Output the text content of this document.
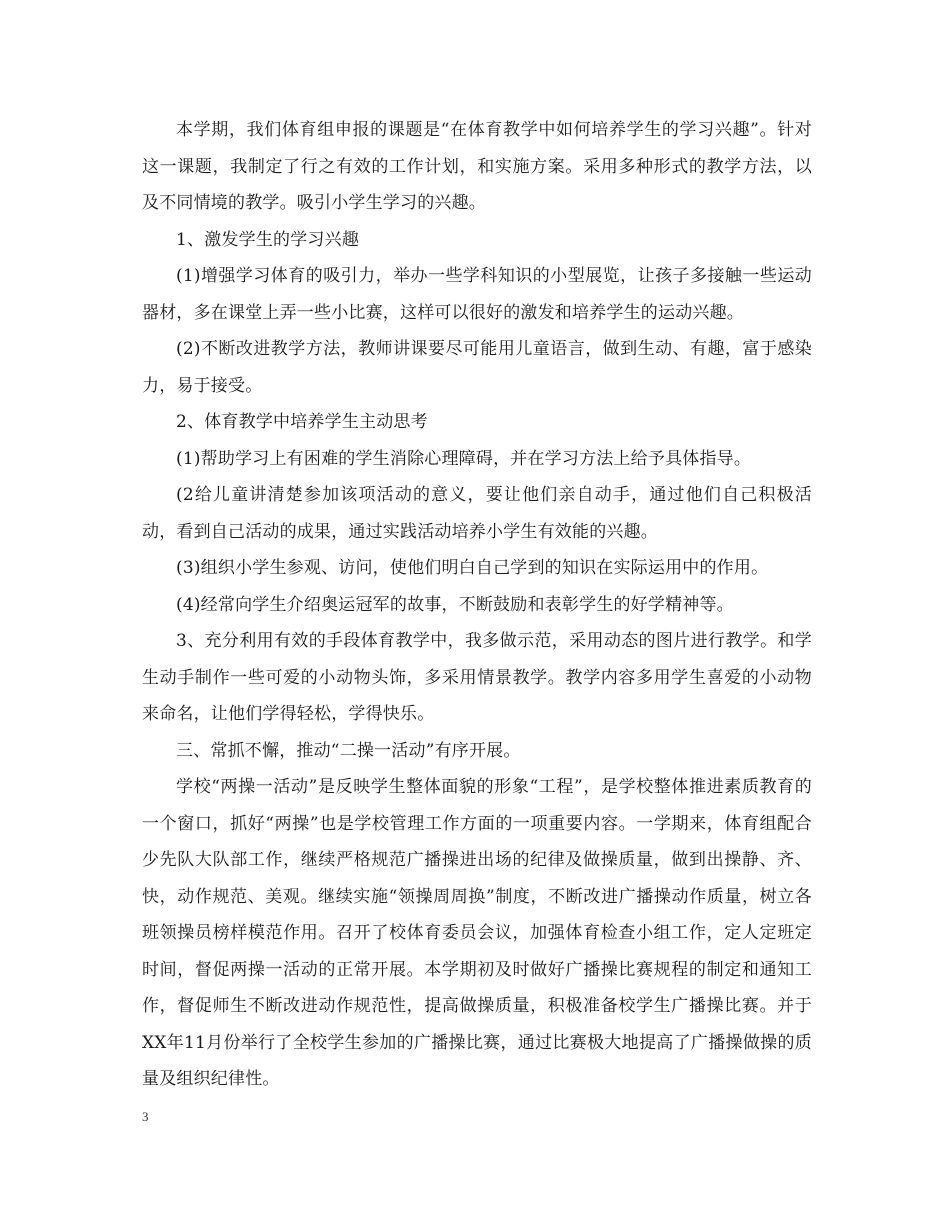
本学期，我们体育组申报的课题是“在体育教学中如何培养学生的学习兴趣”。针对这一课题，我制定了行之有效的工作计划，和实施方案。采用多种形式的教学方法，以及不同情境的教学。吸引小学生学习的兴趣。

1、激发学生的学习兴趣

(1)增强学习体育的吸引力，举办一些学科知识的小型展览，让孩子多接触一些运动器材，多在课堂上弄一些小比赛，这样可以很好的激发和培养学生的运动兴趣。

(2)不断改进教学方法，教师讲课要尽可能用儿童语言，做到生动、有趣，富于感染力，易于接受。

2、体育教学中培养学生主动思考

(1)帮助学习上有困难的学生消除心理障碍，并在学习方法上给予具体指导。

(2给儿童讲清楚参加该项活动的意义，要让他们亲自动手，通过他们自己积极活动，看到自己活动的成果，通过实践活动培养小学生有效能的兴趣。

(3)组织小学生参观、访问，使他们明白自己学到的知识在实际运用中的作用。

(4)经常向学生介绍奥运冠军的故事，不断鼓励和表彰学生的好学精神等。

3、充分利用有效的手段体育教学中，我多做示范，采用动态的图片进行教学。和学生动手制作一些可爱的小动物头饰，多采用情景教学。教学内容多用学生喜爱的小动物来命名，让他们学得轻松，学得快乐。

三、常抓不懈，推动“二操一活动”有序开展。

学校“两操一活动”是反映学生整体面貌的形象“工程”，是学校整体推进素质教育的一个窗口，抓好“两操”也是学校管理工作方面的一项重要内容。一学期来，体育组配合少先队大队部工作，继续严格规范广播操进出场的纪律及做操质量，做到出操静、齐、快，动作规范、美观。继续实施“领操周周换”制度，不断改进广播操动作质量，树立各班领操员榜样模范作用。召开了校体育委员会议，加强体育检查小组工作，定人定班定时间，督促两操一活动的正常开展。本学期初及时做好广播操比赛规程的制定和通知工作，督促师生不断改进动作规范性，提高做操质量，积极准备校学生广播操比赛。并于XX年11月份举行了全校学生参加的广播操比赛，通过比赛极大地提高了广播操做操的质量及组织纪律性。

3
